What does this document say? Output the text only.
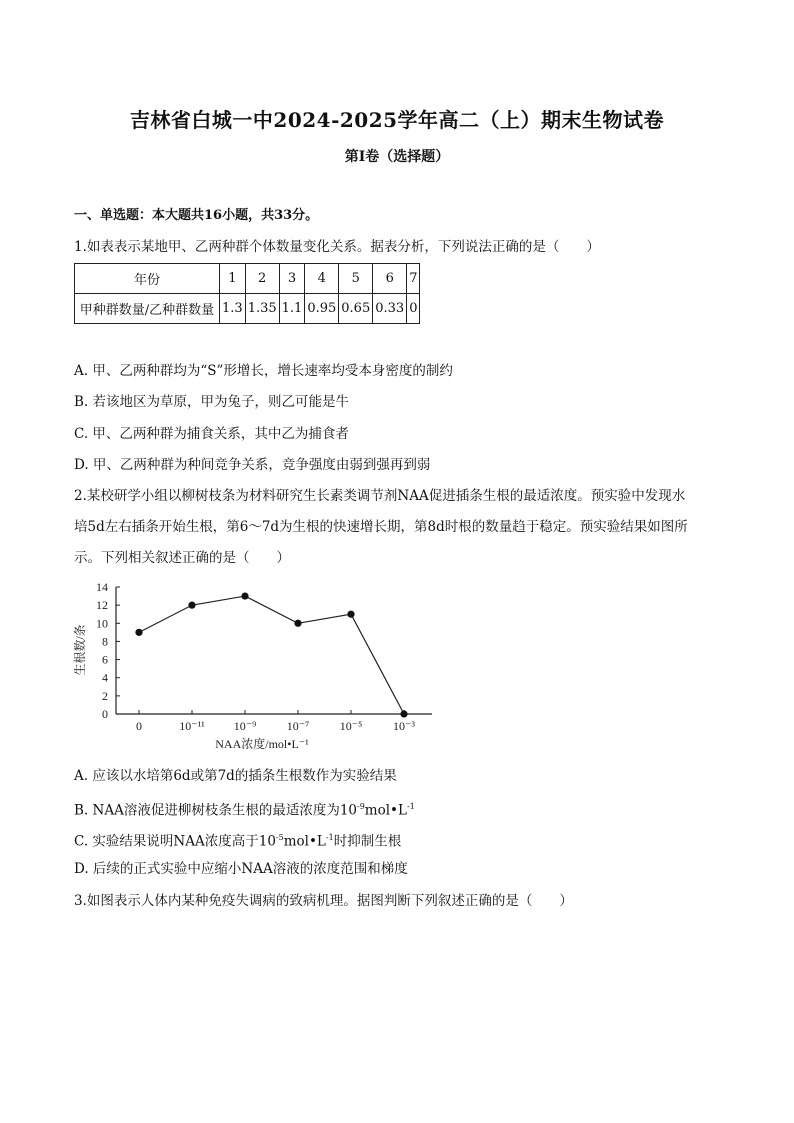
吉林省白城一中2024-2025学年高二（上）期末生物试卷
第I卷（选择题）
一、单选题：本大题共16小题，共33分。
1.如表表示某地甲、乙两种群个体数量变化关系。据表分析，下列说法正确的是（　　）
年份	1	2	3	4	5	6	7
甲种群数量/乙种群数量	1.3	1.35	1.1	0.95	0.65	0.33	0
A. 甲、乙两种群均为“S”形增长，增长速率均受本身密度的制约
B. 若该地区为草原，甲为兔子，则乙可能是牛
C. 甲、乙两种群为捕食关系，其中乙为捕食者
D. 甲、乙两种群为种间竞争关系，竞争强度由弱到强再到弱
2.某校研学小组以柳树枝条为材料研究生长素类调节剂NAA促进插条生根的最适浓度。预实验中发现水
培5d左右插条开始生根，第6～7d为生根的快速增长期，第8d时根的数量趋于稳定。预实验结果如图所
示。下列相关叙述正确的是（　　）
0
2
4
6
8
10
12
14
0	10⁻¹¹ 10⁻⁹	10⁻⁷	10⁻⁵	10⁻³
生根数/条
NAA浓度/mol•L⁻¹
A. 应该以水培第6d或第7d的插条生根数作为实验结果
B. NAA溶液促进柳树枝条生根的最适浓度为$10^{-9}mol•L^{-1}$
C. 实验结果说明NAA浓度高于$10^{-5}mol•L^{-1}$时抑制生根
D. 后续的正式实验中应缩小NAA溶液的浓度范围和梯度
3.如图表示人体内某种免疫失调病的致病机理。据图判断下列叙述正确的是（　　）
